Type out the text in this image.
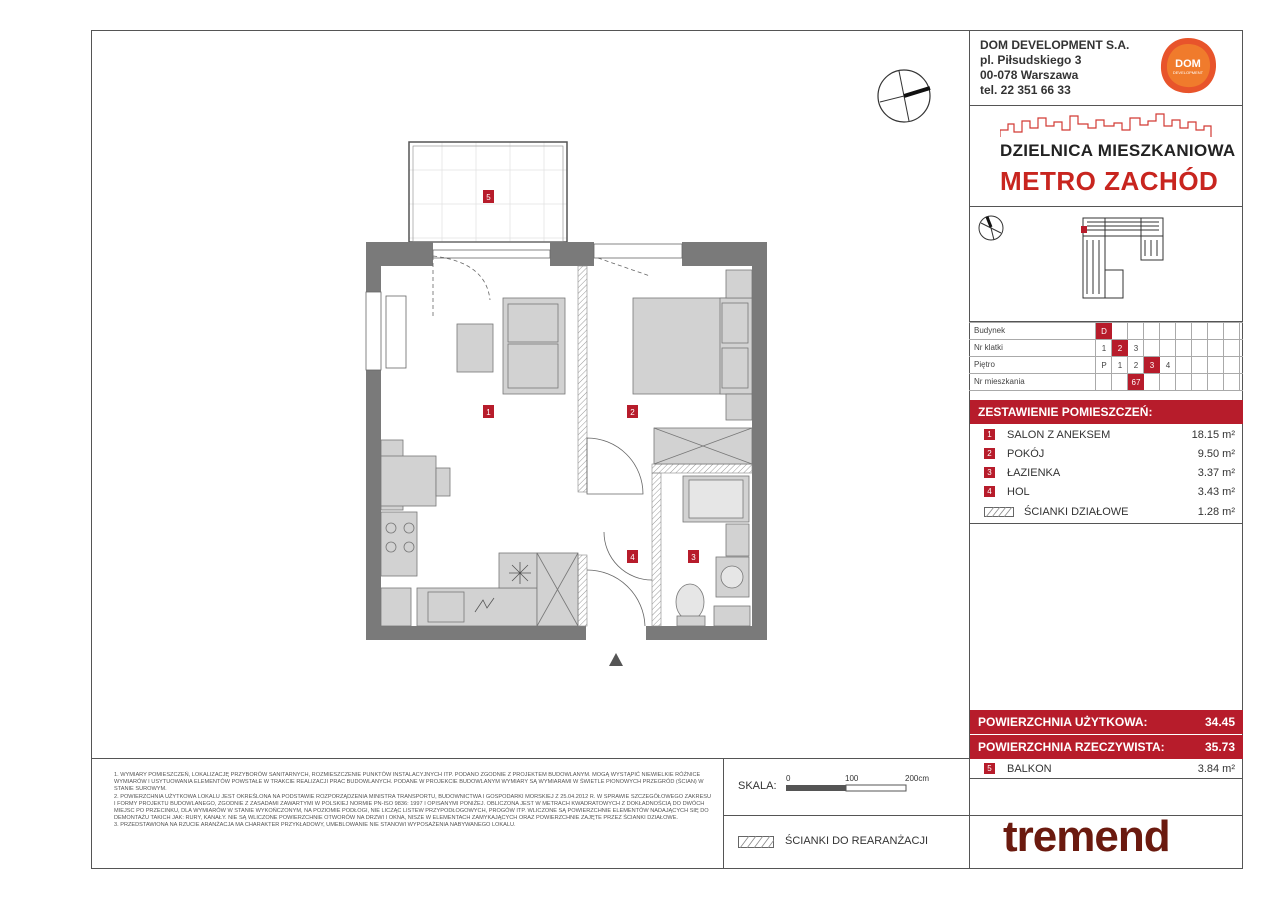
DOM DEVELOPMENT S.A.
pl. Piłsudskiego 3
00-078 Warszawa
tel. 22 351 66 33
DOM
DEVELOPMENT
DZIELNICA MIESZKANIOWA
METRO ZACHÓD
Budynek	D
Nr klatki	1	2	3
Piętro	P	1	2	3	4
Nr mieszkania	67
ZESTAWIENIE POMIESZCZEŃ:
1 SALON Z ANEKSEM	18.15 m²
2 POKÓJ	9.50 m²
3 ŁAZIENKA	3.37 m²
4 HOL	3.43 m²
ŚCIANKI DZIAŁOWE	1.28 m²
POWIERZCHNIA UŻYTKOWA:	34.45
POWIERZCHNIA RZECZYWISTA:	35.73
5 BALKON	3.84 m²
tremend

1. WYMIARY POMIESZCZEŃ, LOKALIZACJĘ PRZYBORÓW SANITARNYCH, ROZMIESZCZENIE PUNKTÓW INSTALACYJNYCH ITP. PODANO ZGODNIE Z PROJEKTEM BUDOWLANYM. MOGĄ WYSTĄPIĆ NIEWIELKIE RÓŻNICE WYMIARÓW I USYTUOWANIA ELEMENTÓW POWSTAŁE W TRAKCIE REALIZACJI PRAC BUDOWLANYCH. PODANE W PROJEKCIE BUDOWLANYM WYMIARY SĄ WYMIARAMI W ŚWIETLE PIONOWYCH PRZEGRÓD (ŚCIAN) W STANIE SUROWYM.

2. POWIERZCHNIA UŻYTKOWA LOKALU JEST OKREŚLONA NA PODSTAWIE ROZPORZĄDZENIA MINISTRA TRANSPORTU, BUDOWNICTWA I GOSPODARKI MORSKIEJ Z 25.04.2012 R. W SPRAWIE SZCZEGÓŁOWEGO ZAKRESU I FORMY PROJEKTU BUDOWLANEGO, ZGODNIE Z ZASADAMI ZAWARTYMI W POLSKIEJ NORMIE PN-ISO 9836: 1997 I OPISANYMI PONIŻEJ. OBLICZONA JEST W METRACH KWADRATOWYCH Z DOKŁADNOŚCIĄ DO DWÓCH MIEJSC PO PRZECINKU, DLA WYMIARÓW W STANIE WYKOŃCZONYM, NA POZIOMIE PODŁOGI, NIE LICZĄC LISTEW PRZYPODŁOGOWYCH, PROGÓW ITP. WLICZONE SĄ POWIERZCHNIE ELEMENTÓW NADAJĄCYCH SIĘ DO DEMONTAŻU TAKICH JAK: RURY, KANAŁY. NIE SĄ WLICZONE POWIERZCHNIE OTWORÓW NA DRZWI I OKNA, NISZE W ELEMENTACH ZAMYKAJĄCYCH ORAZ POWIERZCHNIE ZAJĘTE PRZEZ ŚCIANKI DZIAŁOWE.

3. PRZEDSTAWIONA NA RZUCIE ARANŻACJA MA CHARAKTER PRZYKŁADOWY, UMEBLOWANIE NIE STANOWI WYPOSAŻENIA NABYWANEGO LOKALU.

SKALA:
0	100	200cm
ŚCIANKI DO REARANŻACJI
5
1	2
4	3
